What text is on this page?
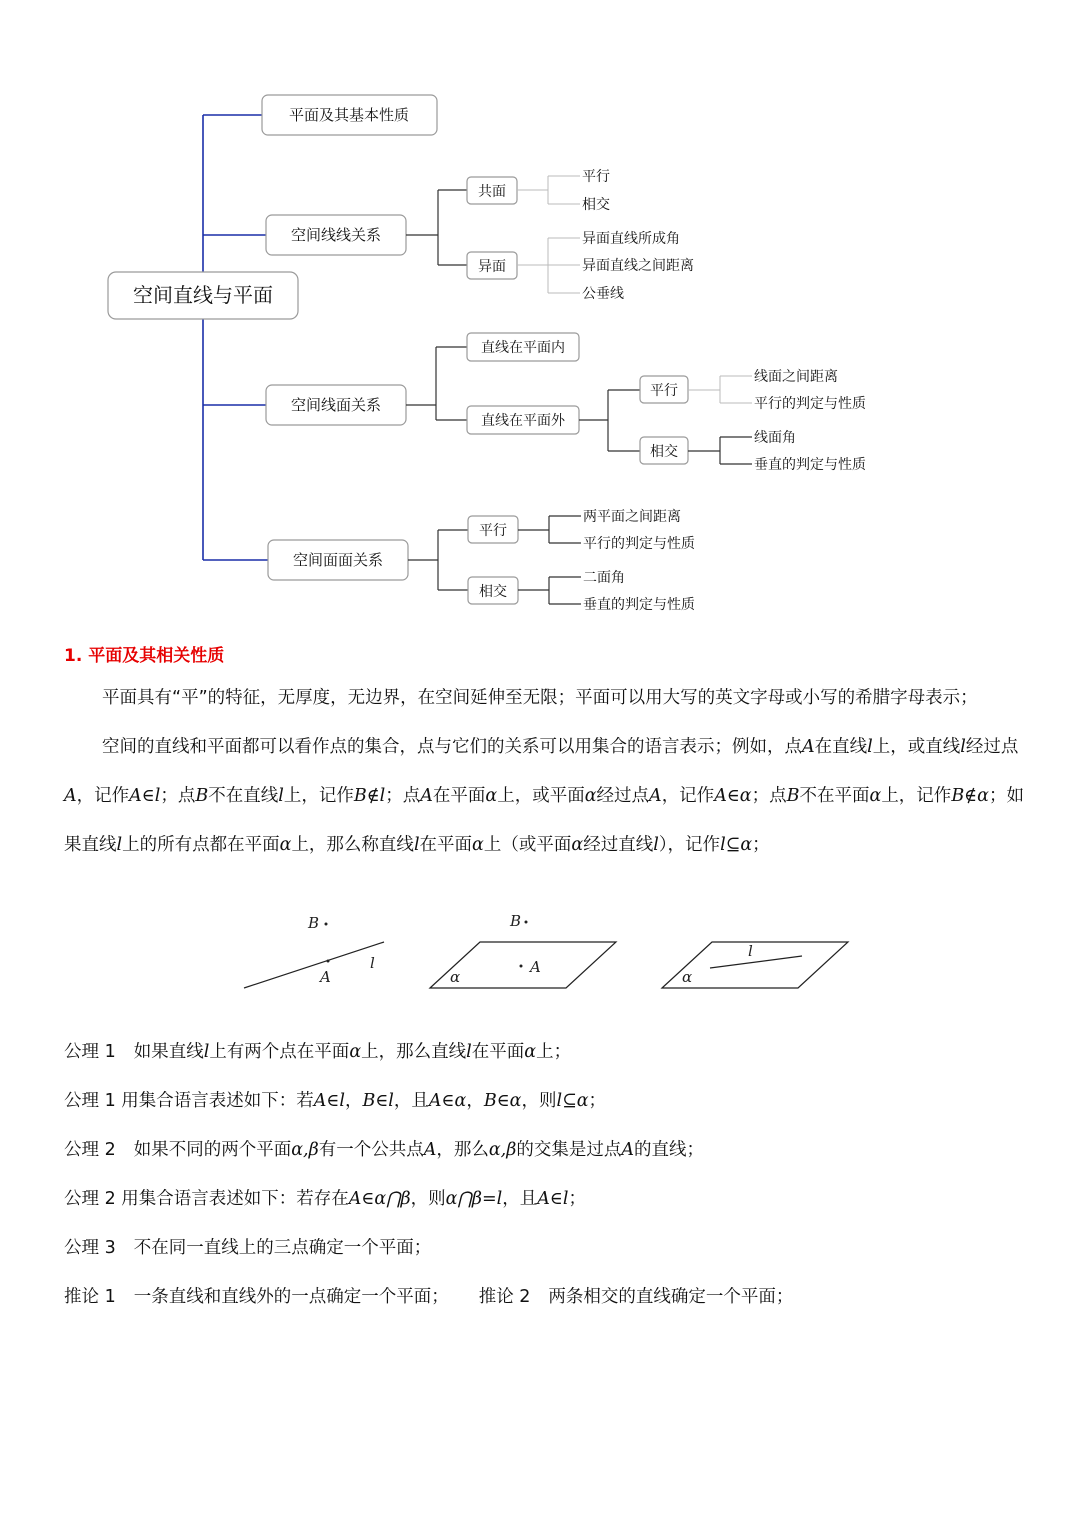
空间直线与平面
平面及其基本性质
空间线线关系
共面
平行
相交
异面
异面直线所成角
异面直线之间距离
公垂线
空间线面关系
直线在平面内
直线在平面外
平行
线面之间距离
平行的判定与性质
相交
线面角
垂直的判定与性质
空间面面关系
平行
两平面之间距离
平行的判定与性质
相交
二面角
垂直的判定与性质

1. 平面及其相关性质

平面具有“平”的特征，无厚度，无边界，在空间延伸至无限；平面可以用大写的英文字母或小写的希腊字母表示；

空间的直线和平面都可以看作点的集合，点与它们的关系可以用集合的语言表示；例如，点A在直线l上，或直线l经过点A，记作A∈l；点B不在直线l上，记作B∉l；点A在平面α上，或平面α经过点A，记作A∈α；点B不在平面α上，记作B∉α；如果直线l上的所有点都在平面α上，那么称直线l在平面α上（或平面α经过直线l），记作l⊆α；

B
A
l
B
A
α
l
α

公理 1 如果直线l上有两个点在平面α上，那么直线l在平面α上；

公理 1 用集合语言表述如下：若A∈l，B∈l，且A∈α，B∈α，则l⊆α；

公理 2 如果不同的两个平面α,β有一个公共点A，那么α,β的交集是过点A的直线；

公理 2 用集合语言表述如下：若存在A∈α⋂β，则α⋂β=l，且A∈l；

公理 3 不在同一直线上的三点确定一个平面；

推论 1 一条直线和直线外的一点确定一个平面； 推论 2 两条相交的直线确定一个平面；
